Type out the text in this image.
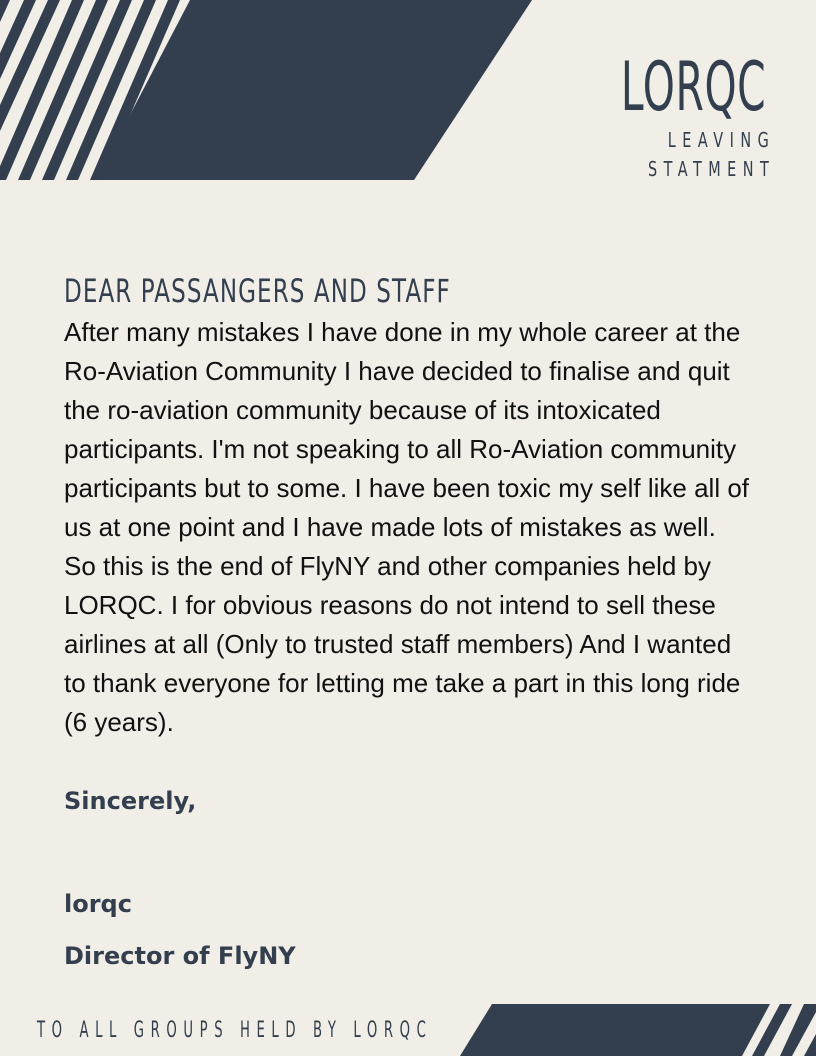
LORQC
LEAVING
STATMENT
DEAR PASSANGERS AND STAFF

After many mistakes I have done in my whole career at the Ro-Aviation Community I have decided to finalise and quit the ro-aviation community because of its intoxicated participants. I'm not speaking to all Ro-Aviation community participants but to some. I have been toxic my self like all of us at one point and I have made lots of mistakes as well. So this is the end of FlyNY and other companies held by LORQC. I for obvious reasons do not intend to sell these airlines at all (Only to trusted staff members) And I wanted to thank everyone for letting me take a part in this long ride (6 years).

Sincerely,
lorqc
Director of FlyNY
TO ALL GROUPS HELD BY LORQC
